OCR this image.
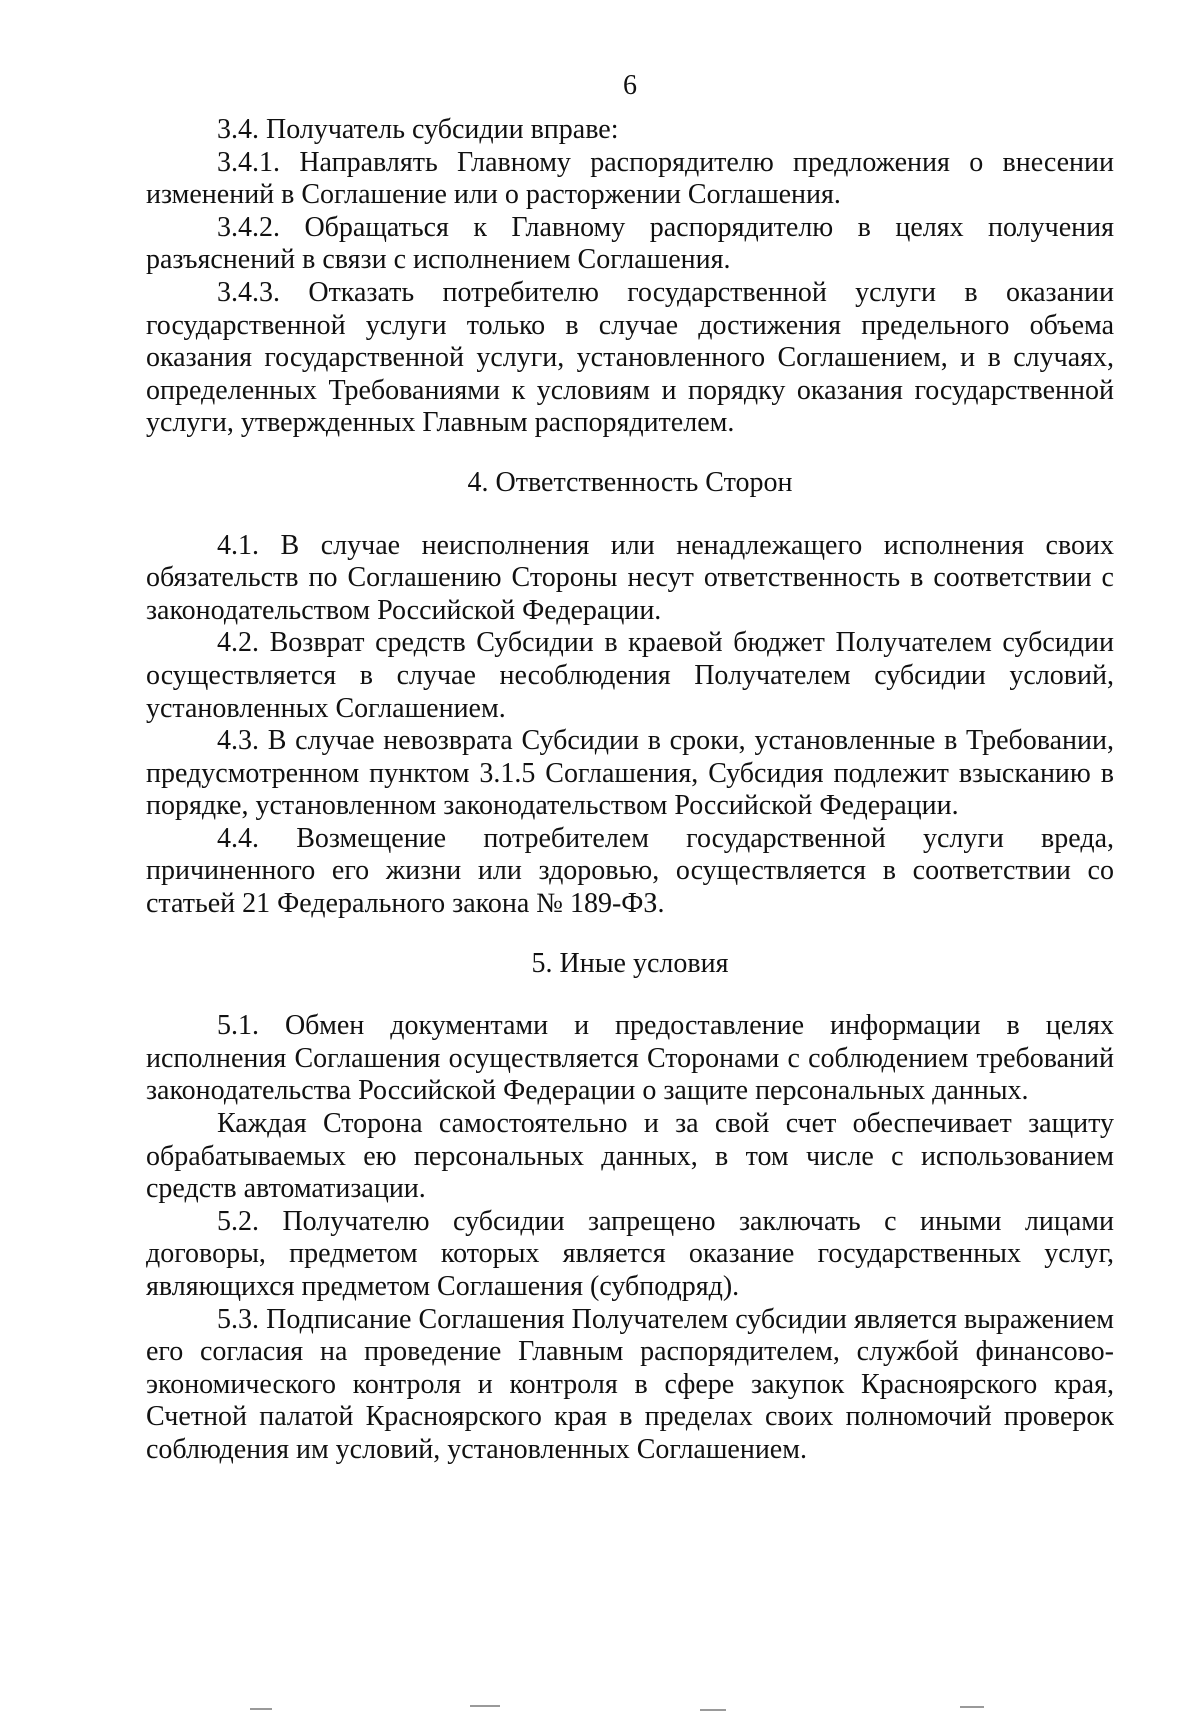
6

3.4. Получатель субсидии вправе:

3.4.1. Направлять Главному распорядителю предложения о внесении изменений в Соглашение или о расторжении Соглашения.

3.4.2. Обращаться к Главному распорядителю в целях получения разъяснений в связи с исполнением Соглашения.

3.4.3. Отказать потребителю государственной услуги в оказании государственной услуги только в случае достижения предельного объема оказания государственной услуги, установленного Соглашением, и в случаях, определенных Требованиями к условиям и порядку оказания государственной услуги, утвержденных Главным распорядителем.

4. Ответственность Сторон

4.1. В случае неисполнения или ненадлежащего исполнения своих обязательств по Соглашению Стороны несут ответственность в соответствии с законодательством Российской Федерации.

4.2. Возврат средств Субсидии в краевой бюджет Получателем субсидии осуществляется в случае несоблюдения Получателем субсидии условий, установленных Соглашением.

4.3. В случае невозврата Субсидии в сроки, установленные в Требовании, предусмотренном пунктом 3.1.5 Соглашения, Субсидия подлежит взысканию в порядке, установленном законодательством Российской Федерации.

4.4. Возмещение потребителем государственной услуги вреда, причиненного его жизни или здоровью, осуществляется в соответствии со статьей 21 Федерального закона № 189-ФЗ.

5. Иные условия

5.1. Обмен документами и предоставление информации в целях исполнения Соглашения осуществляется Сторонами с соблюдением требований законодательства Российской Федерации о защите персональных данных.

Каждая Сторона самостоятельно и за свой счет обеспечивает защиту обрабатываемых ею персональных данных, в том числе с использованием средств автоматизации.

5.2. Получателю субсидии запрещено заключать с иными лицами договоры, предметом которых является оказание государственных услуг, являющихся предметом Соглашения (субподряд).

5.3. Подписание Соглашения Получателем субсидии является выражением его согласия на проведение Главным распорядителем, службой финансово-экономического контроля и контроля в сфере закупок Красноярского края, Счетной палатой Красноярского края в пределах своих полномочий проверок соблюдения им условий, установленных Соглашением.
